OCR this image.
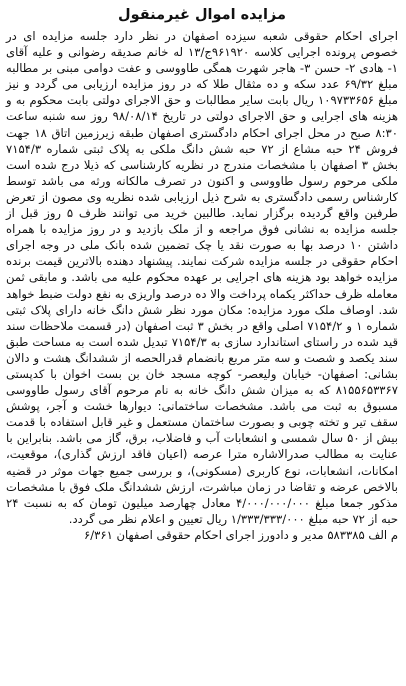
مزایده اموال غیرمنقول

اجرای احکام حقوقی شعبه سیزده اصفهان در نظر دارد جلسه مزایده ای در خصوص پرونده اجرایی کلاسه ۹۶۱۹۲۰ج/۱۳ له خانم صدیقه رضوانی و علیه آقای ۱- هادی ۲- حسن ۳- هاجر شهرت همگی طاووسی و عفت دوامی مبنی بر مطالبه مبلغ ۶۹/۳۲ عدد سکه و ده مثقال طلا که در روز مزایده ارزیابی می گردد و نیز مبلغ ۱۰۹۷۳۳۶۵۶ ریال بابت سایر مطالبات و حق الاجرای دولتی بابت محکوم به و هزینه های اجرایی و حق الاجرای دولتی در تاریخ ۹۸/۰۸/۱۴ روز سه شنبه ساعت ۸:۳۰ صبح در محل اجرای احکام دادگستری اصفهان طبقه زیرزمین اتاق ۱۸ جهت فروش ۲۴ حبه مشاع از ۷۲ حبه شش دانگ ملکی به پلاک ثبتی شماره ۷۱۵۴/۳ بخش ۳ اصفهان با مشخصات مندرج در نظریه کارشناسی که ذیلا درج شده است ملکی مرحوم رسول طاووسی و اکنون در تصرف مالکانه ورثه می باشد توسط کارشناس رسمی دادگستری به شرح ذیل ارزیابی شده نظریه وی مصون از تعرض طرفین واقع گردیده برگزار نماید. طالبین خرید می توانند ظرف ۵ روز قبل از جلسه مزایده به نشانی فوق مراجعه و از ملک بازدید و در روز مزایده با همراه داشتن ۱۰ درصد بها به صورت نقد یا چک تضمین شده بانک ملی در وجه اجرای احکام حقوقی در جلسه مزایده شرکت نمایند. پیشنهاد دهنده بالاترین قیمت برنده مزایده خواهد بود هزینه های اجرایی بر عهده محکوم علیه می باشد. و مابقی ثمن معامله ظرف حداکثر یکماه پرداخت والا ده درصد واریزی به نفع دولت ضبط خواهد شد. اوصاف ملک مورد مزایده: مکان مورد نظر شش دانگ خانه دارای پلاک ثبتی شماره ۱ و ۷۱۵۴/۲ اصلی واقع در بخش ۳ ثبت اصفهان (در قسمت ملاحظات سند قید شده در راستای استاندارد سازی به ۷۱۵۴/۳ تبدیل شده است به مساحت طبق سند یکصد و شصت و سه متر مربع بانضمام قدرالحصه از ششدانگ هشت و دالان بشانی: اصفهان- خیابان ولیعصر- کوچه مسجد خان بن بست اخوان با کدپستی ۸۱۵۵۶۵۳۳۶۷ که به میزان شش دانگ خانه به نام مرحوم آقای رسول طاووسی مسبوق به ثبت می باشد. مشخصات ساختمانی: دیوارها خشت و آجر، پوشش سقف تیر و تخته چوبی و بصورت ساختمان مستعمل و غیر قابل استفاده با قدمت بیش از ۵۰ سال شمسی و انشعابات آب و فاضلاب، برق، گاز می باشد. بنابراین با عنایت به مطالب صدرالاشاره مترا عرصه (اعیان فاقد ارزش گذاری)، موقعیت، امکانات، انشعابات، نوع کاربری (مسکونی)، و بررسی جمیع جهات موثر در قضیه بالاخص عرضه و تقاضا در زمان مباشرت، ارزش ششدانگ ملک فوق با مشخصات مذکور جمعا مبلغ ۴/۰۰۰/۰۰۰/۰۰۰ معادل چهارصد میلیون تومان که به نسبت ۲۴ حبه از ۷۲ حبه مبلغ ۱/۳۳۳/۳۳۳/۰۰۰ ریال تعیین و اعلام نظر می گردد.

م الف ۵۸۳۳۸۵ مدیر و دادورز اجرای احکام حقوقی اصفهان ۶/۳۶۱
